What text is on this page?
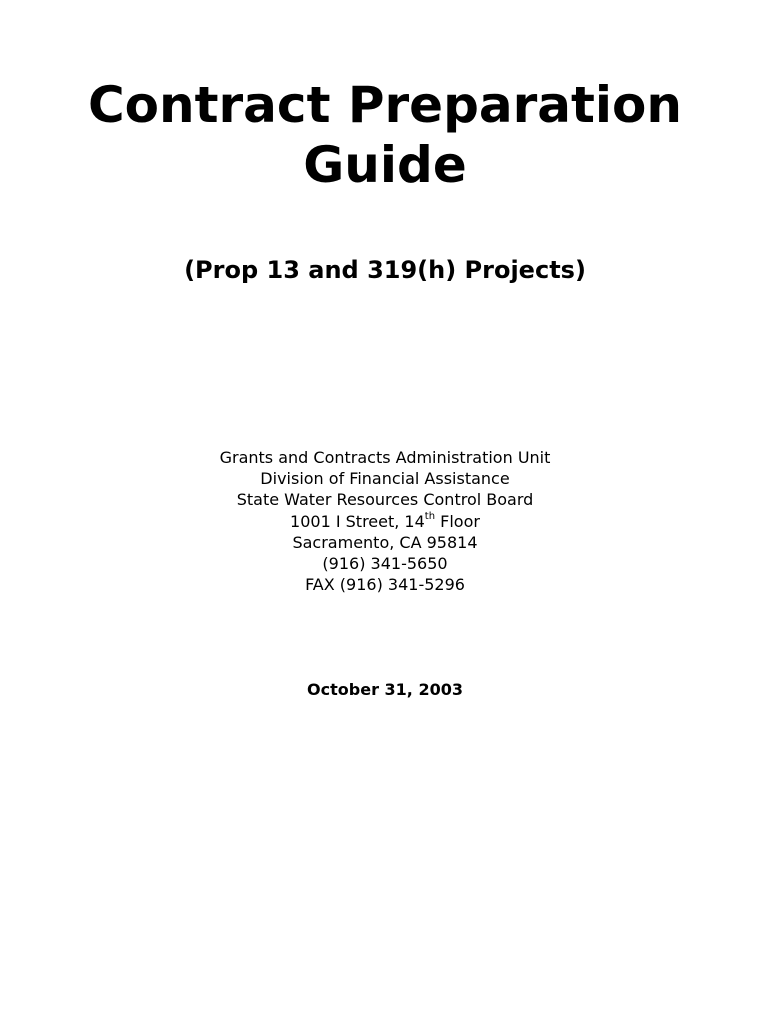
Contract Preparation
Guide
(Prop 13 and 319(h) Projects)
Grants and Contracts Administration Unit
Division of Financial Assistance
State Water Resources Control Board
1001 I Street, 14th Floor
Sacramento, CA 95814
(916) 341-5650
FAX (916) 341-5296
October 31, 2003
